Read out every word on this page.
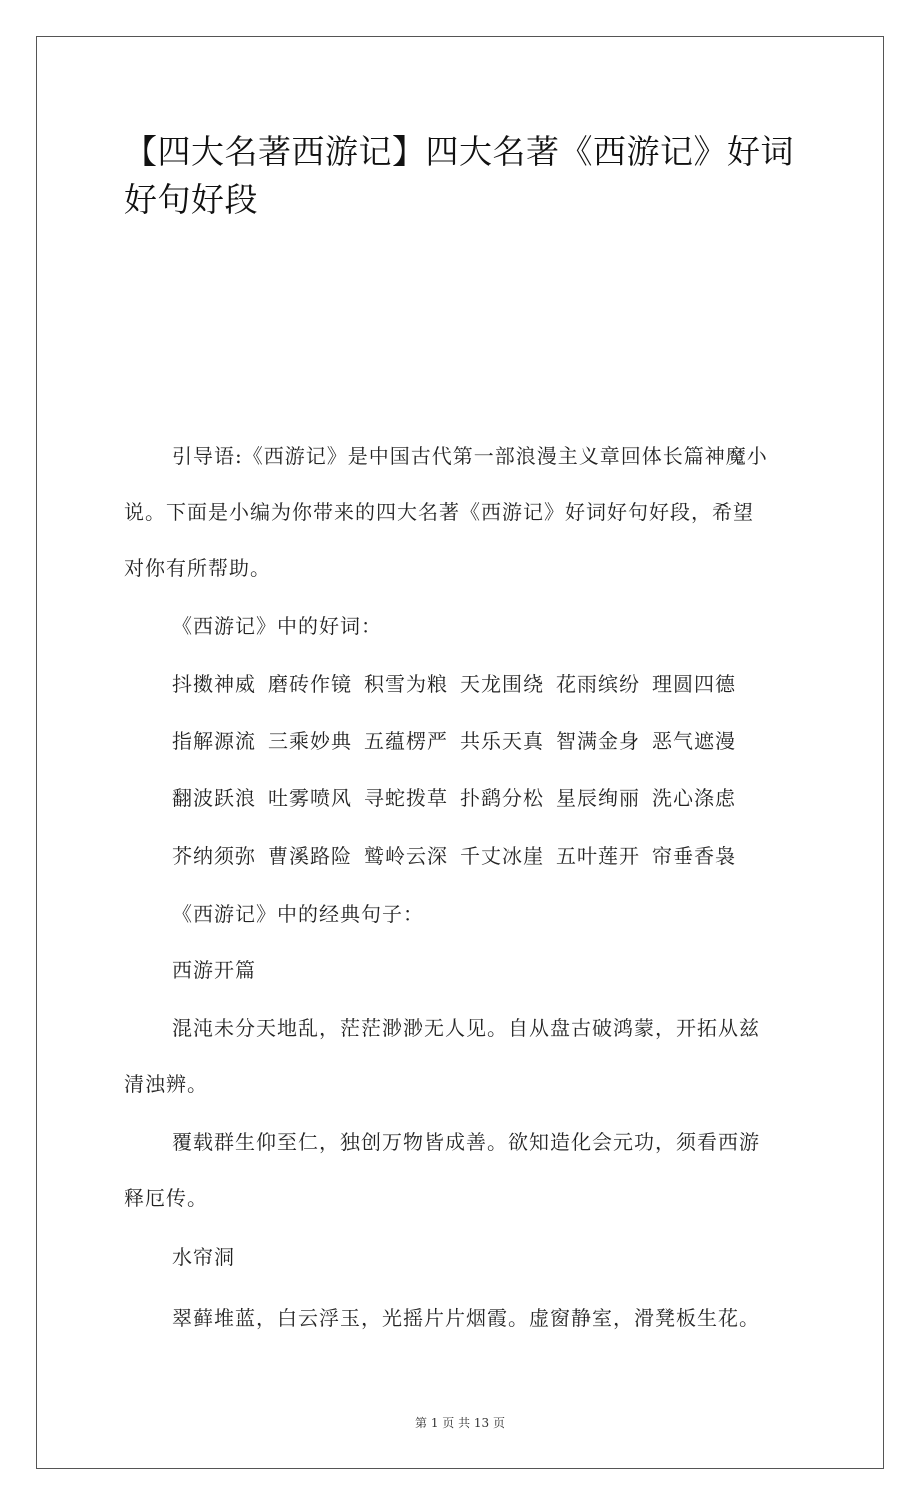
【四大名著西游记】四大名著《西游记》好词
好句好段

引导语:《西游记》是中国古代第一部浪漫主义章回体长篇神魔小
说。下面是小编为你带来的四大名著《西游记》好词好句好段，希望
对你有所帮助。

《西游记》中的好词：

抖擞神威 磨砖作镜 积雪为粮 天龙围绕 花雨缤纷 理圆四德

指解源流 三乘妙典 五蕴楞严 共乐天真 智满金身 恶气遮漫

翻波跃浪 吐雾喷风 寻蛇拨草 扑鹞分松 星辰绚丽 洗心涤虑

芥纳须弥 曹溪路险 鹫岭云深 千丈冰崖 五叶莲开 帘垂香袅

《西游记》中的经典句子：

西游开篇

混沌未分天地乱，茫茫渺渺无人见。自从盘古破鸿蒙，开拓从兹
清浊辨。

覆载群生仰至仁，独创万物皆成善。欲知造化会元功，须看西游
释厄传。

水帘洞

翠藓堆蓝，白云浮玉，光摇片片烟霞。虚窗静室，滑凳板生花。

第 1 页 共 13 页
